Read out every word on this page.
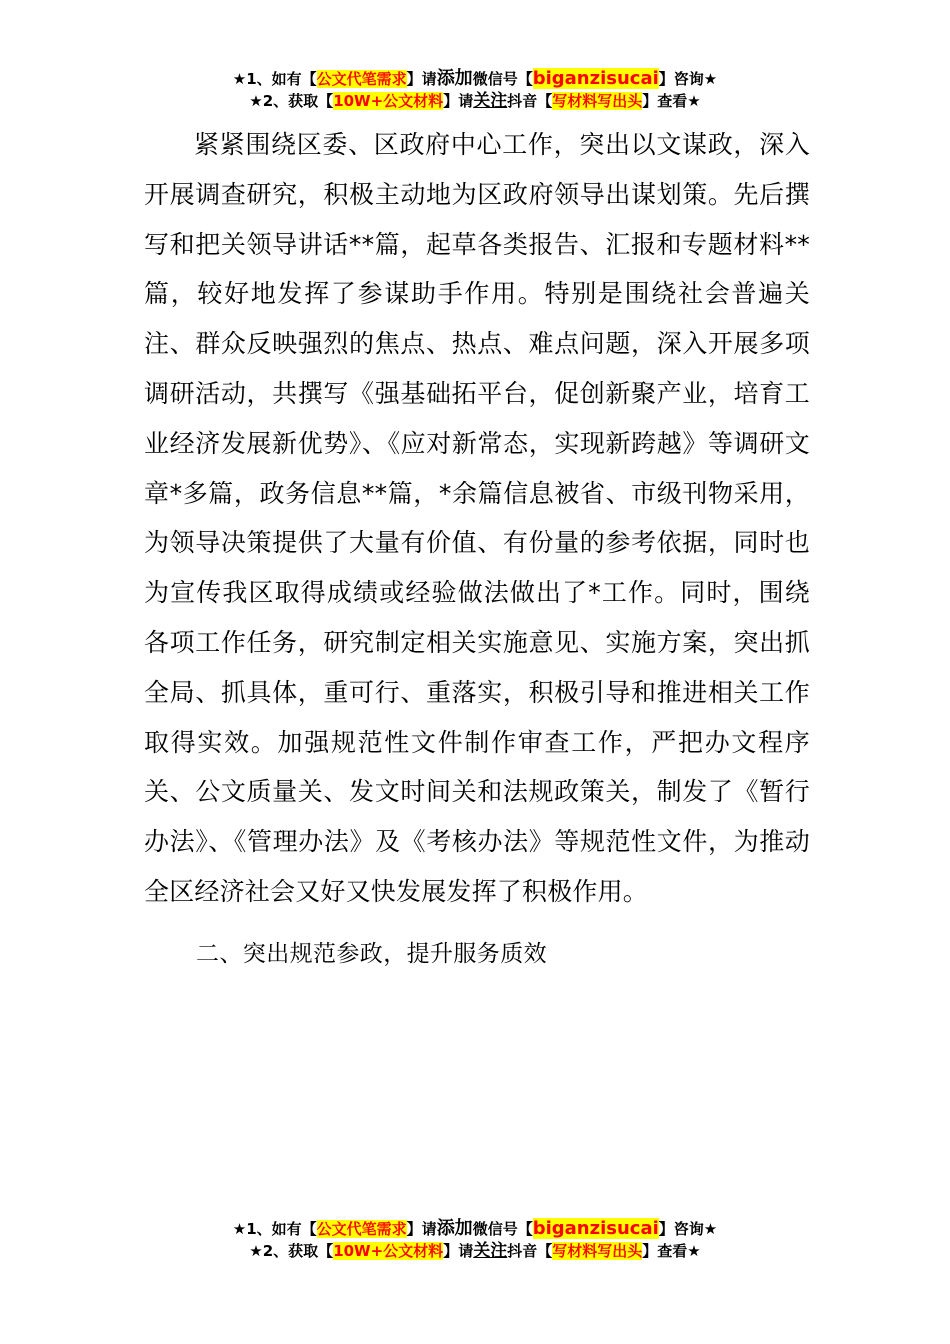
★1、如有【公文代笔需求】请添加微信号【biganzisucai】咨询★
★2、获取【10W+公文材料】请关注抖音【写材料写出头】查看★

紧紧围绕区委、区政府中心工作，突出以文谋政，深入开展调查研究，积极主动地为区政府领导出谋划策。先后撰写和把关领导讲话**篇，起草各类报告、汇报和专题材料**篇，较好地发挥了参谋助手作用。特别是围绕社会普遍关注、群众反映强烈的焦点、热点、难点问题，深入开展多项调研活动，共撰写《强基础拓平台，促创新聚产业，培育工业经济发展新优势》、《应对新常态，实现新跨越》等调研文章*多篇，政务信息**篇，*余篇信息被省、市级刊物采用，为领导决策提供了大量有价值、有份量的参考依据，同时也为宣传我区取得成绩或经验做法做出了*工作。同时，围绕各项工作任务，研究制定相关实施意见、实施方案，突出抓全局、抓具体，重可行、重落实，积极引导和推进相关工作取得实效。加强规范性文件制作审查工作，严把办文程序关、公文质量关、发文时间关和法规政策关，制发了《暂行办法》、《管理办法》及《考核办法》等规范性文件，为推动全区经济社会又好又快发展发挥了积极作用。

二、突出规范参政，提升服务质效

★1、如有【公文代笔需求】请添加微信号【biganzisucai】咨询★
★2、获取【10W+公文材料】请关注抖音【写材料写出头】查看★
